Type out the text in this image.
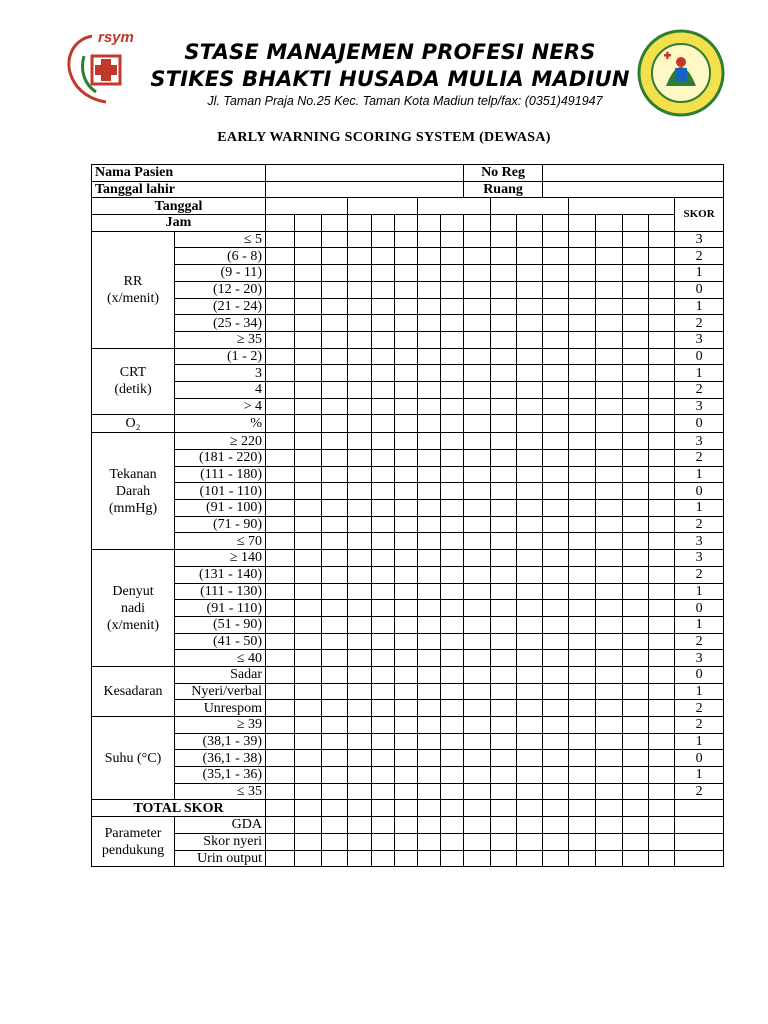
rsym
STASE MANAJEMEN PROFESI NERS
STIKES BHAKTI HUSADA MULIA MADIUN
Jl. Taman Praja No.25 Kec. Taman Kota Madiun telp/fax: (0351)491947
EARLY WARNING SCORING SYSTEM (DEWASA)
Nama Pasien										No Reg								
Tanggal lahir										Ruang								
Tanggal																		SKOR
Jam																		
RR
(x/menit)	≤ 5																	3
	(6 - 8)																	2
	(9 - 11)																	1
	(12 - 20)																	0
	(21 - 24)																	1
	(25 - 34)																	2
	≥ 35																	3
CRT
(detik)	(1 - 2)																	0
	3																	1
	4																	2
	> 4																	3
O₂	%																	0
Tekanan
Darah
(mmHg)	≥ 220																	3
	(181 - 220)																	2
	(111 - 180)																	1
	(101 - 110)																	0
	(91 - 100)																	1
	(71 - 90)																	2
	≤ 70																	3
Denyut
nadi
(x/menit)	≥ 140																	3
	(131 - 140)																	2
	(111 - 130)																	1
	(91 - 110)																	0
	(51 - 90)																	1
	(41 - 50)																	2
	≤ 40																	3
Kesadaran	Sadar																	0
	Nyeri/verbal																	1
	Unrespom																	2
Suhu (°C)	≥ 39																	2
	(38,1 - 39)																	1
	(36,1 - 38)																	0
	(35,1 - 36)																	1
	≤ 35																	2
TOTAL SKOR																		
Parameter pendukung	GDA																	
	Skor nyeri																	
	Urin output																	
